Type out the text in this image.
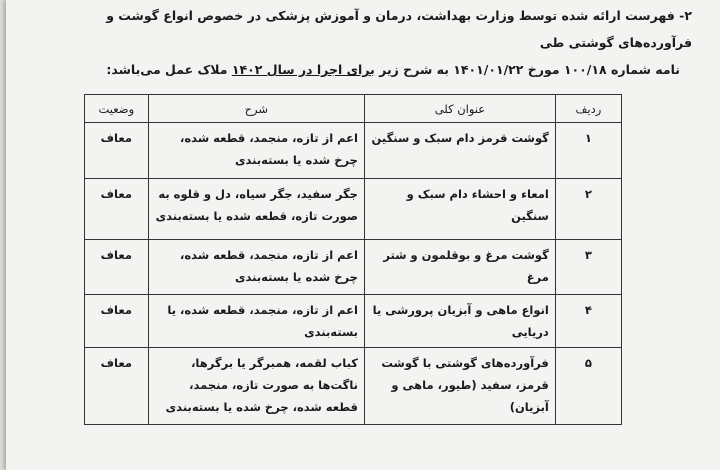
۲- فهرست ارائه شده توسط وزارت بهداشت، درمان و آموزش پزشکی در خصوص انواع گوشت و فرآورده‌های گوشتی طی
نامه شماره ۱۰۰/۱۸ مورخ ۱۴۰۱/۰۱/۲۲ به شرح زیر برای اجرا در سال ۱۴۰۲ ملاک عمل می‌باشد:
ردیف	عنوان کلی	شرح	وضعیت
۱	گوشت قرمز دام سبک و سنگین	اعم از تازه، منجمد، قطعه شده، چرخ شده یا بسته‌بندی	معاف
۲	امعاء و احشاء دام سبک و سنگین	جگر سفید، جگر سیاه، دل و قلوه به صورت تازه، قطعه شده یا بسته‌بندی	معاف
۳	گوشت مرغ و بوقلمون و شتر مرغ	اعم از تازه، منجمد، قطعه شده، چرخ شده یا بسته‌بندی	معاف
۴	انواع ماهی و آبزیان پرورشی یا دریایی	اعم از تازه، منجمد، قطعه شده، یا بسته‌بندی	معاف
۵	فرآورده‌های گوشتی با گوشت قرمز، سفید (طیور، ماهی و آبزیان)	کباب لقمه، همبرگر یا برگرها، ناگت‌ها به صورت تازه، منجمد، قطعه شده، چرخ شده یا بسته‌بندی	معاف
